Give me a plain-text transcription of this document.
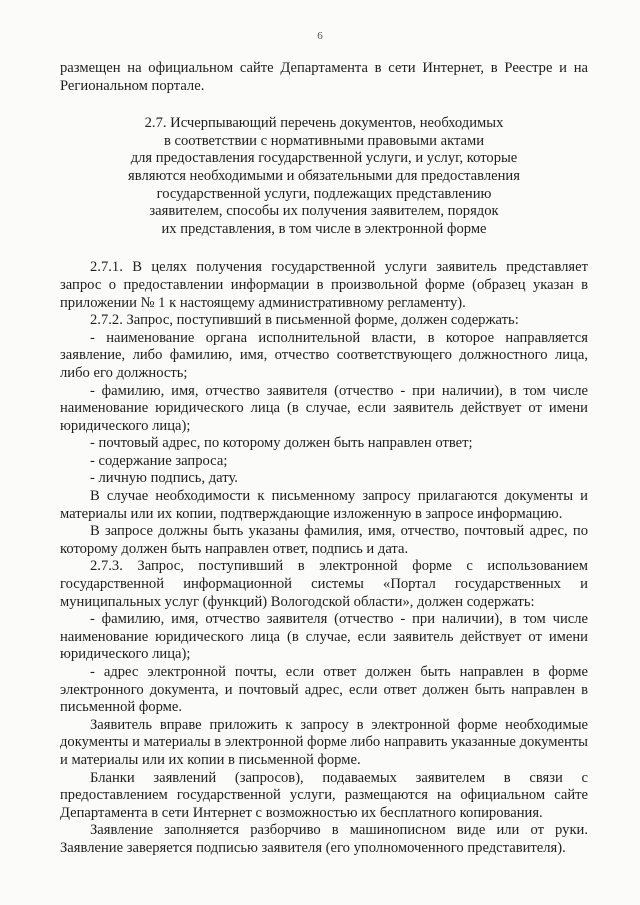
6

размещен на официальном сайте Департамента в сети Интернет, в Реестре и на Региональном портале.

2.7. Исчерпывающий перечень документов, необходимых
в соответствии с нормативными правовыми актами
для предоставления государственной услуги, и услуг, которые
являются необходимыми и обязательными для предоставления
государственной услуги, подлежащих представлению
заявителем, способы их получения заявителем, порядок
их представления, в том числе в электронной форме

2.7.1. В целях получения государственной услуги заявитель представляет запрос о предоставлении информации в произвольной форме (образец указан в приложении № 1 к настоящему административному регламенту).

2.7.2. Запрос, поступивший в письменной форме, должен содержать:

- наименование органа исполнительной власти, в которое направляется заявление, либо фамилию, имя, отчество соответствующего должностного лица, либо его должность;

- фамилию, имя, отчество заявителя (отчество - при наличии), в том числе наименование юридического лица (в случае, если заявитель действует от имени юридического лица);

- почтовый адрес, по которому должен быть направлен ответ;

- содержание запроса;

- личную подпись, дату.

В случае необходимости к письменному запросу прилагаются документы и материалы или их копии, подтверждающие изложенную в запросе информацию.

В запросе должны быть указаны фамилия, имя, отчество, почтовый адрес, по которому должен быть направлен ответ, подпись и дата.

2.7.3. Запрос, поступивший в электронной форме с использованием государственной информационной системы «Портал государственных и муниципальных услуг (функций) Вологодской области», должен содержать:

- фамилию, имя, отчество заявителя (отчество - при наличии), в том числе наименование юридического лица (в случае, если заявитель действует от имени юридического лица);

- адрес электронной почты, если ответ должен быть направлен в форме электронного документа, и почтовый адрес, если ответ должен быть направлен в письменной форме.

Заявитель вправе приложить к запросу в электронной форме необходимые документы и материалы в электронной форме либо направить указанные документы и материалы или их копии в письменной форме.

Бланки заявлений (запросов), подаваемых заявителем в связи с предоставлением государственной услуги, размещаются на официальном сайте Департамента в сети Интернет с возможностью их бесплатного копирования.

Заявление заполняется разборчиво в машинописном виде или от руки. Заявление заверяется подписью заявителя (его уполномоченного представителя).
